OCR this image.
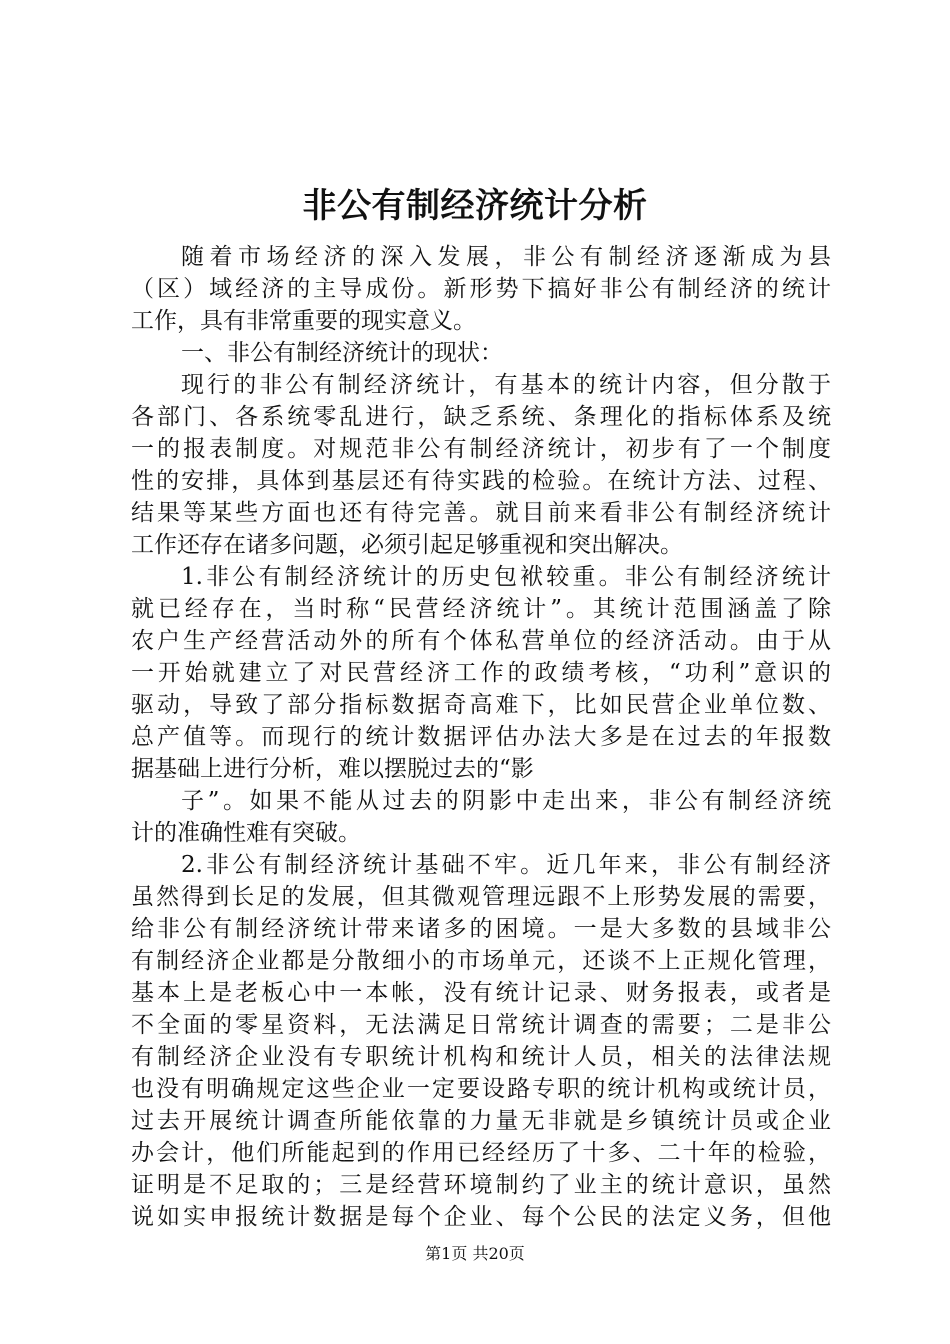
非公有制经济统计分析
随着市场经济的深入发展，非公有制经济逐渐成为县
（区）域经济的主导成份。新形势下搞好非公有制经济的统计
工作，具有非常重要的现实意义。
一、非公有制经济统计的现状：
现行的非公有制经济统计，有基本的统计内容，但分散于
各部门、各系统零乱进行，缺乏系统、条理化的指标体系及统
一的报表制度。对规范非公有制经济统计，初步有了一个制度
性的安排，具体到基层还有待实践的检验。在统计方法、过程、
结果等某些方面也还有待完善。就目前来看非公有制经济统计
工作还存在诸多问题，必须引起足够重视和突出解决。
1.非公有制经济统计的历史包袱较重。非公有制经济统计
就已经存在，当时称“民营经济统计”。其统计范围涵盖了除
农户生产经营活动外的所有个体私营单位的经济活动。由于从
一开始就建立了对民营经济工作的政绩考核，“功利”意识的
驱动，导致了部分指标数据奇高难下，比如民营企业单位数、
总产值等。而现行的统计数据评估办法大多是在过去的年报数
据基础上进行分析，难以摆脱过去的“影
子”。如果不能从过去的阴影中走出来，非公有制经济统
计的准确性难有突破。
2.非公有制经济统计基础不牢。近几年来，非公有制经济
虽然得到长足的发展，但其微观管理远跟不上形势发展的需要，
给非公有制经济统计带来诸多的困境。一是大多数的县域非公
有制经济企业都是分散细小的市场单元，还谈不上正规化管理，
基本上是老板心中一本帐，没有统计记录、财务报表，或者是
不全面的零星资料，无法满足日常统计调查的需要；二是非公
有制经济企业没有专职统计机构和统计人员，相关的法律法规
也没有明确规定这些企业一定要设路专职的统计机构或统计员，
过去开展统计调查所能依靠的力量无非就是乡镇统计员或企业
办会计，他们所能起到的作用已经经历了十多、二十年的检验，
证明是不足取的；三是经营环境制约了业主的统计意识，虽然
说如实申报统计数据是每个企业、每个公民的法定义务，但他
第1页 共20页
